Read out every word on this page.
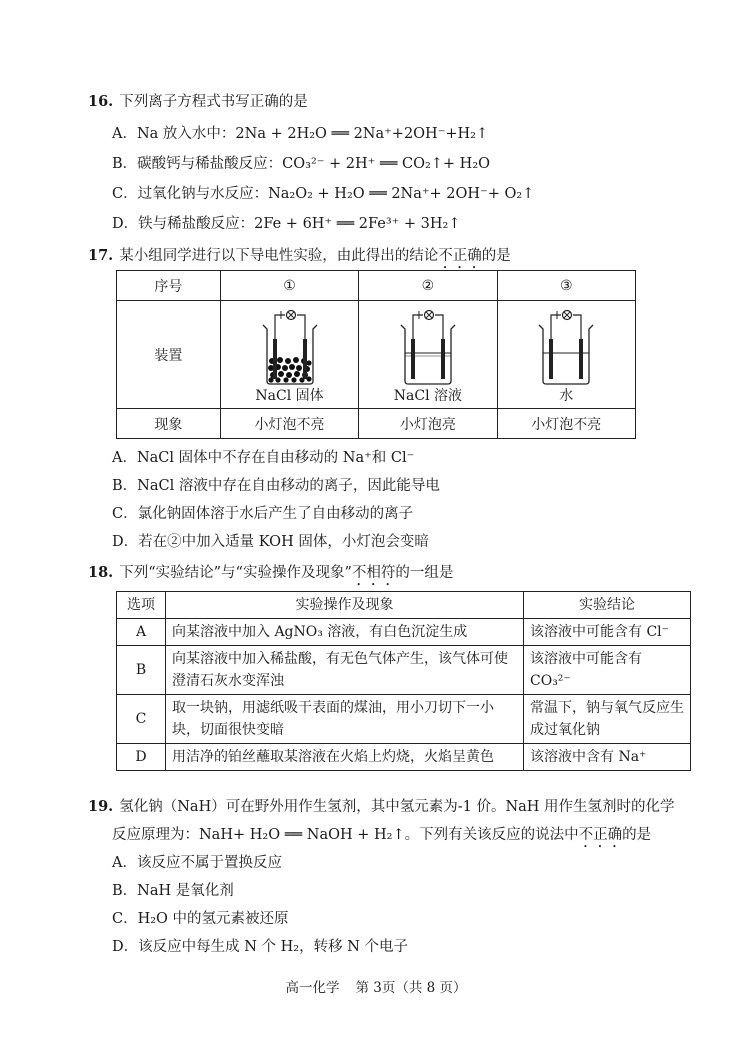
16. 下列离子方程式书写正确的是
A．Na 放入水中：2Na + 2H₂O ══ 2Na⁺+2OH⁻+H₂↑
B．碳酸钙与稀盐酸反应：CO₃²⁻ + 2H⁺ ══ CO₂↑+ H₂O
C．过氧化钠与水反应：Na₂O₂ + H₂O ══ 2Na⁺+ 2OH⁻+ O₂↑
D．铁与稀盐酸反应：2Fe + 6H⁺ ══ 2Fe³⁺ + 3H₂↑
17. 某小组同学进行以下导电性实验，由此得出的结论不正确的是
序号	①	②	③
装置	NaCl 固体	NaCl 溶液	水

现象	小灯泡不亮	小灯泡亮	小灯泡不亮
A．NaCl 固体中不存在自由移动的 Na⁺和 Cl⁻
B．NaCl 溶液中存在自由移动的离子，因此能导电
C．氯化钠固体溶于水后产生了自由移动的离子
D．若在②中加入适量 KOH 固体，小灯泡会变暗
18. 下列“实验结论”与“实验操作及现象”不相符的一组是
选项	实验操作及现象	实验结论
A	向某溶液中加入 AgNO₃ 溶液，有白色沉淀生成	该溶液中可能含有 Cl⁻
B	向某溶液中加入稀盐酸，有无色气体产生，该气体可使澄清石灰水变浑浊	该溶液中可能含有 CO₃²⁻
C	取一块钠，用滤纸吸干表面的煤油，用小刀切下一小块，切面很快变暗	常温下，钠与氧气反应生成过氧化钠
D	用洁净的铂丝蘸取某溶液在火焰上灼烧，火焰呈黄色	该溶液中含有 Na⁺
19. 氢化钠（NaH）可在野外用作生氢剂，其中氢元素为-1 价。NaH 用作生氢剂时的化学
反应原理为：NaH+ H₂O ══ NaOH + H₂↑。下列有关该反应的说法中不正确的是
A．该反应不属于置换反应
B．NaH 是氧化剂
C．H₂O 中的氢元素被还原
D．该反应中每生成 N 个 H₂，转移 N 个电子
高一化学 第 3页（共 8 页）
